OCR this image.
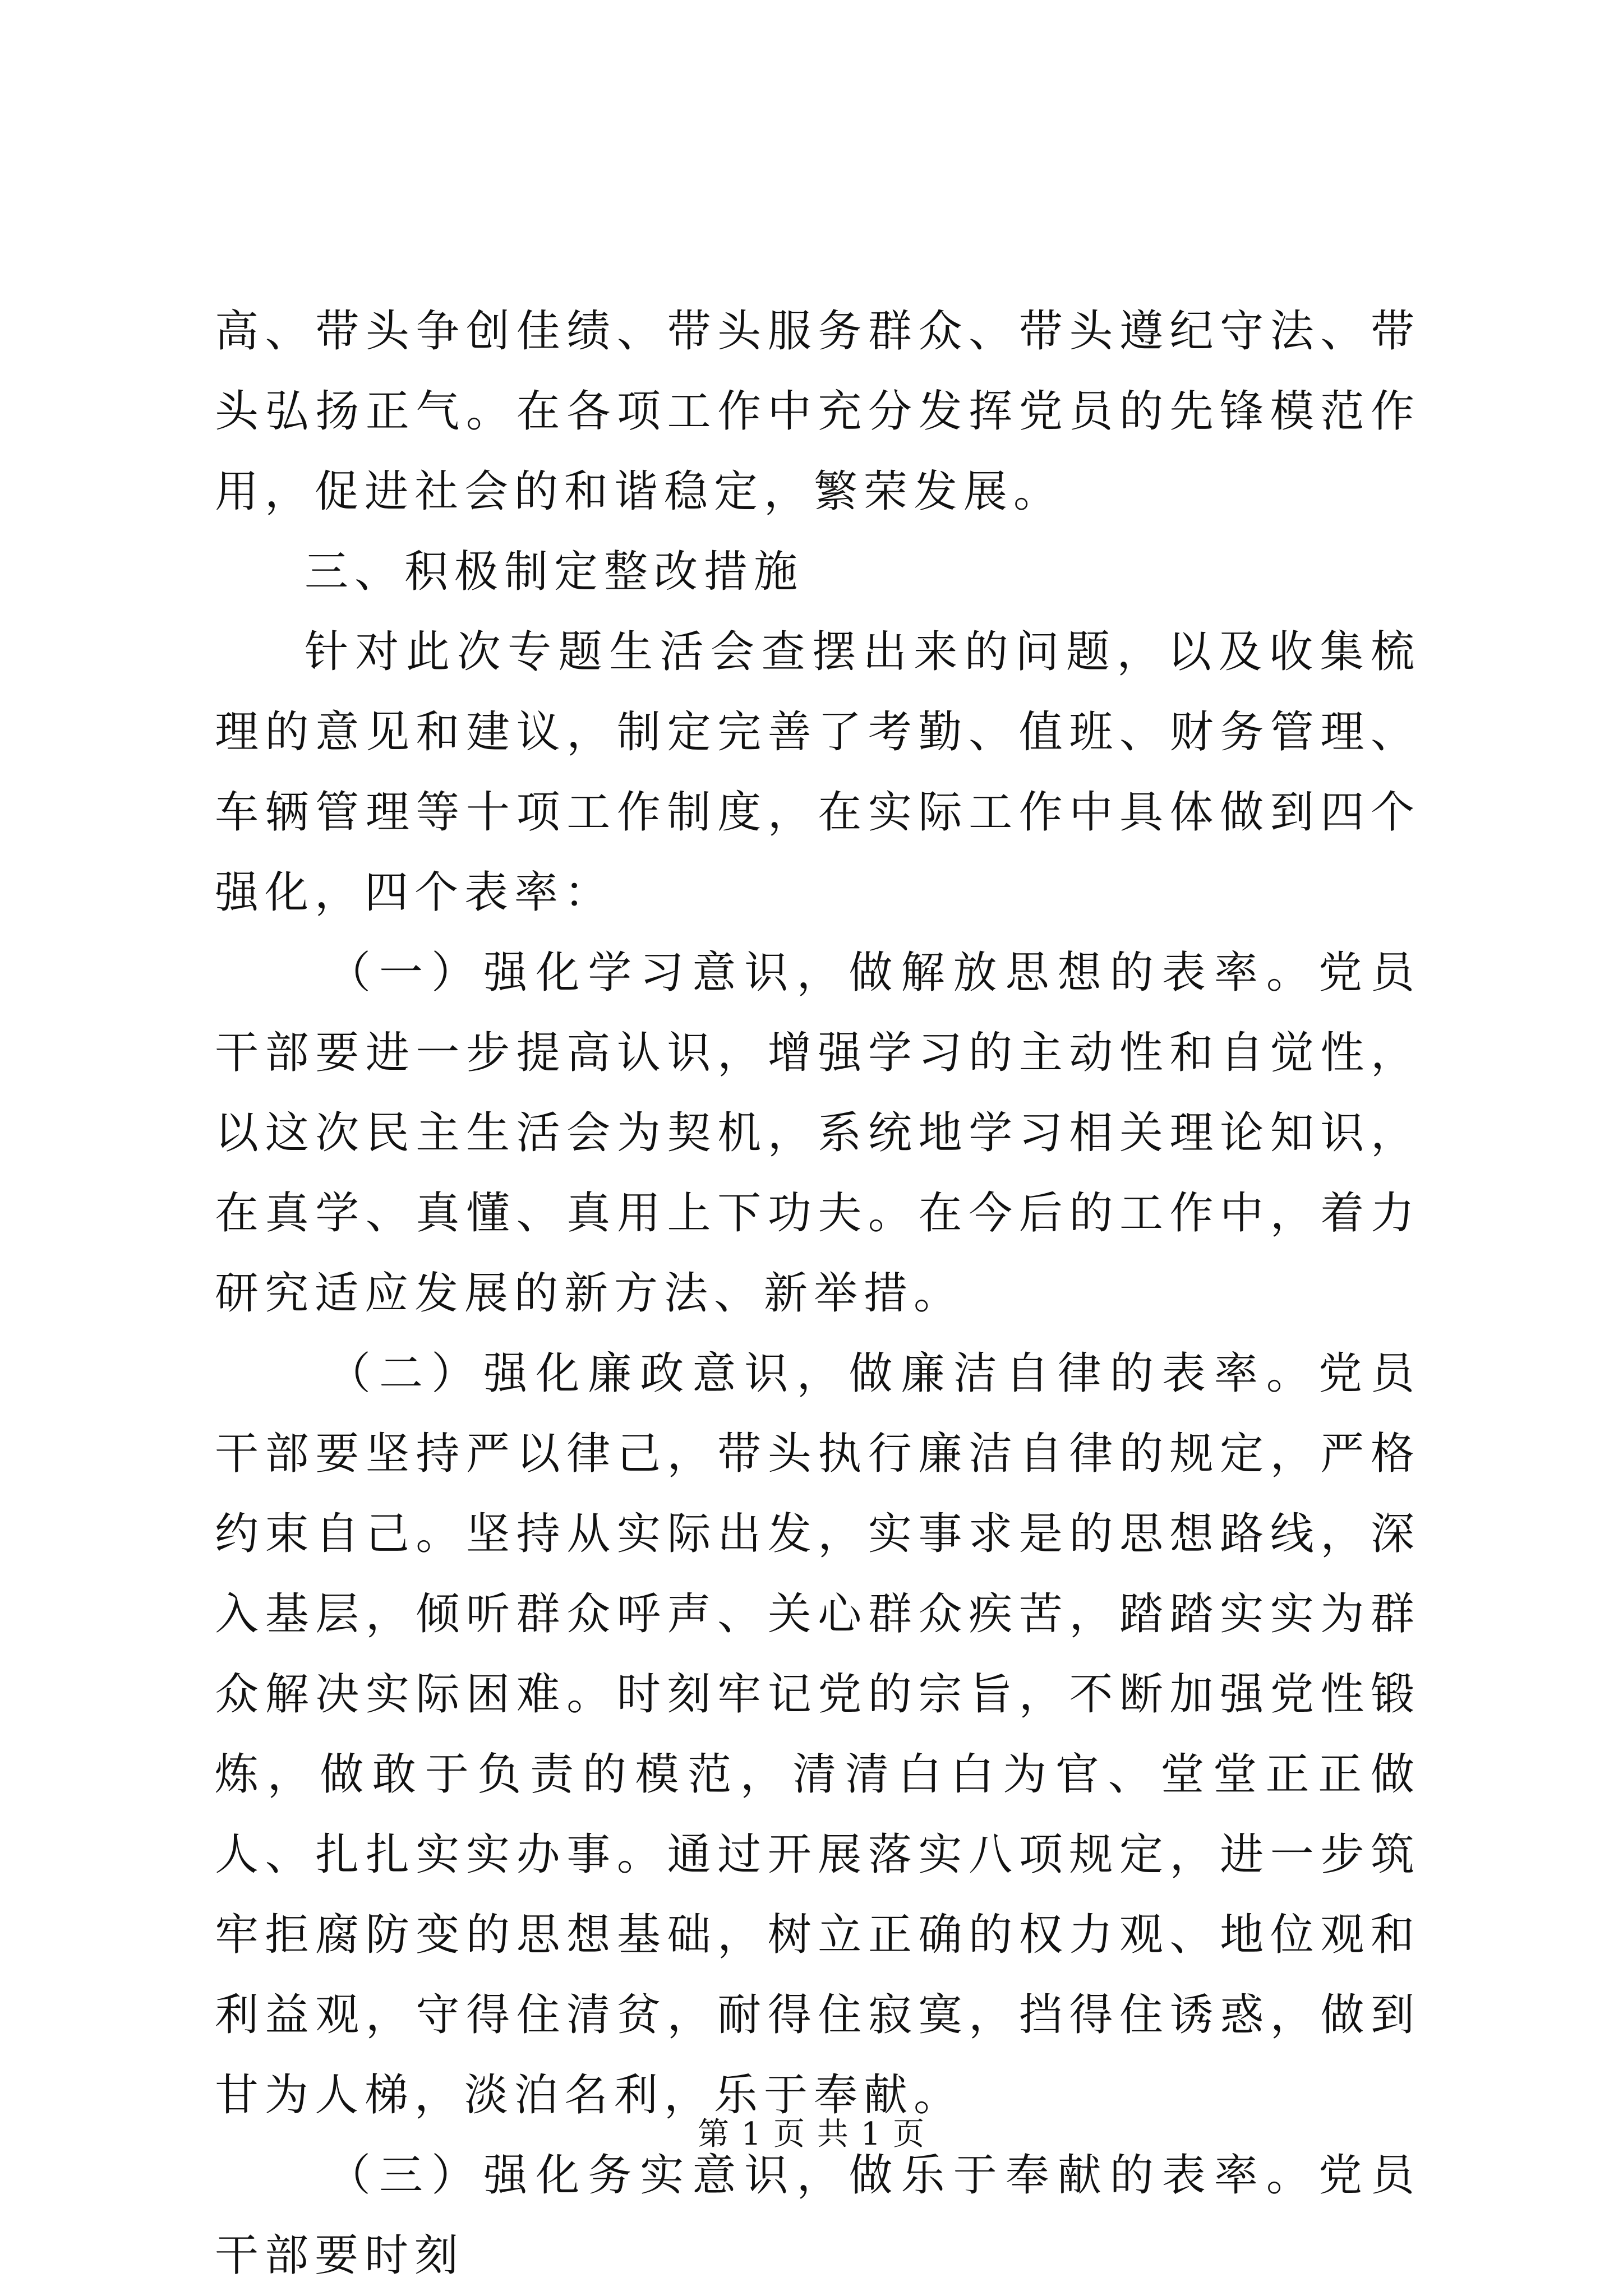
高、带头争创佳绩、带头服务群众、带头遵纪守法、带头弘扬正气。在各项工作中充分发挥党员的先锋模范作用，促进社会的和谐稳定，繁荣发展。

三、积极制定整改措施

针对此次专题生活会查摆出来的问题，以及收集梳理的意见和建议，制定完善了考勤、值班、财务管理、车辆管理等十项工作制度，在实际工作中具体做到四个强化，四个表率：

（一）强化学习意识，做解放思想的表率。党员干部要进一步提高认识，增强学习的主动性和自觉性，以这次民主生活会为契机，系统地学习相关理论知识，在真学、真懂、真用上下功夫。在今后的工作中，着力研究适应发展的新方法、新举措。

（二）强化廉政意识，做廉洁自律的表率。党员干部要坚持严以律己，带头执行廉洁自律的规定，严格约束自己。坚持从实际出发，实事求是的思想路线，深入基层，倾听群众呼声、关心群众疾苦，踏踏实实为群众解决实际困难。时刻牢记党的宗旨，不断加强党性锻炼，做敢于负责的模范，清清白白为官、堂堂正正做人、扎扎实实办事。通过开展落实八项规定，进一步筑牢拒腐防变的思想基础，树立正确的权力观、地位观和利益观，守得住清贫，耐得住寂寞，挡得住诱惑，做到甘为人梯，淡泊名利，乐于奉献。

（三）强化务实意识，做乐于奉献的表率。党员干部要时刻

第 1 页 共 1 页
